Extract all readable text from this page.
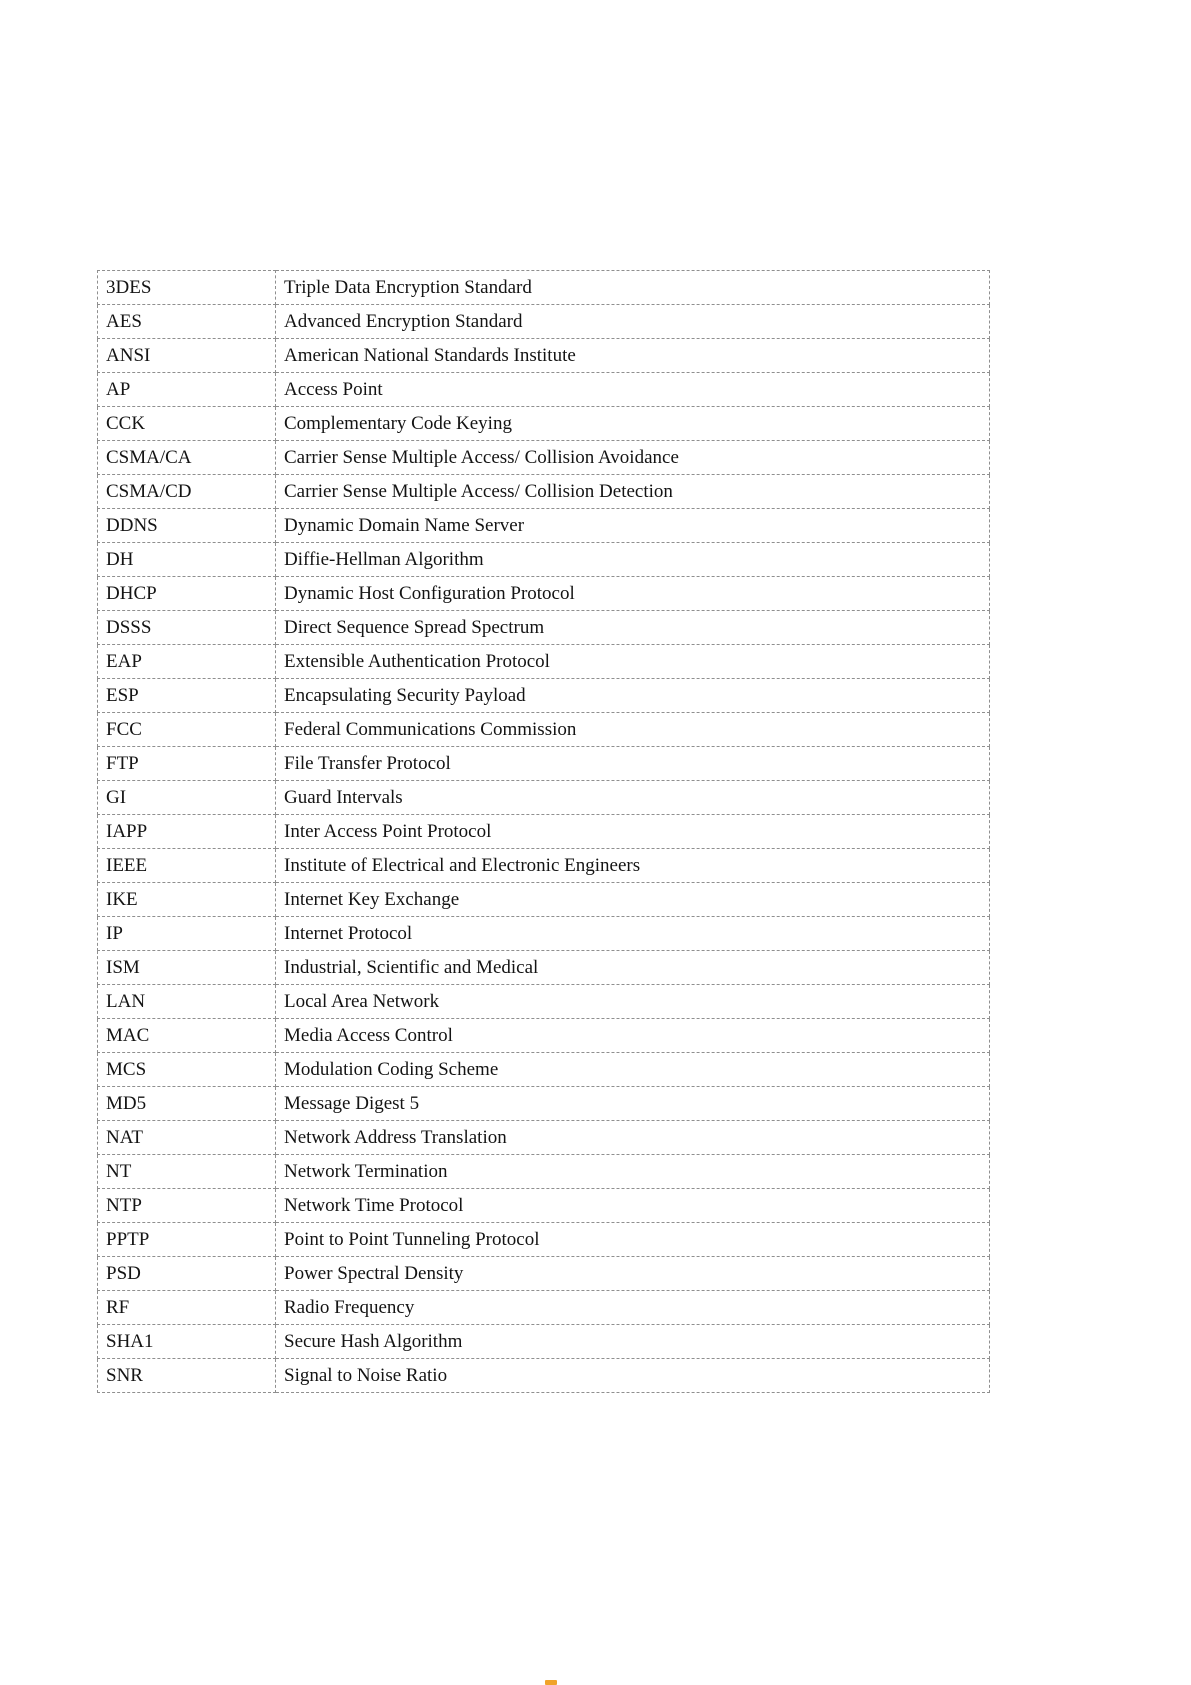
3DES	Triple Data Encryption Standard
AES	Advanced Encryption Standard
ANSI	American National Standards Institute
AP	Access Point
CCK	Complementary Code Keying
CSMA/CA	Carrier Sense Multiple Access/ Collision Avoidance
CSMA/CD	Carrier Sense Multiple Access/ Collision Detection
DDNS	Dynamic Domain Name Server
DH	Diffie-Hellman Algorithm
DHCP	Dynamic Host Configuration Protocol
DSSS	Direct Sequence Spread Spectrum
EAP	Extensible Authentication Protocol
ESP	Encapsulating Security Payload
FCC	Federal Communications Commission
FTP	File Transfer Protocol
GI	Guard Intervals
IAPP	Inter Access Point Protocol
IEEE	Institute of Electrical and Electronic Engineers
IKE	Internet Key Exchange
IP	Internet Protocol
ISM	Industrial, Scientific and Medical
LAN	Local Area Network
MAC	Media Access Control
MCS	Modulation Coding Scheme
MD5	Message Digest 5
NAT	Network Address Translation
NT	Network Termination
NTP	Network Time Protocol
PPTP	Point to Point Tunneling Protocol
PSD	Power Spectral Density
RF	Radio Frequency
SHA1	Secure Hash Algorithm
SNR	Signal to Noise Ratio
